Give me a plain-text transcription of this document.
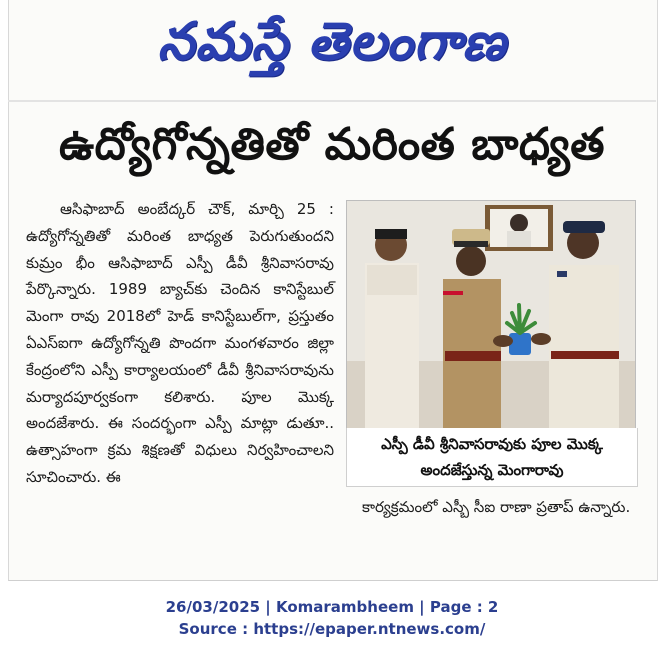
నమస్తే తెలంగాణ
ఉద్యోగోన్నతితో మరింత బాధ్యత

ఆసిఫాబాద్ అంబేద్కర్ చౌక్, మార్చి 25 : ఉద్యోగోన్నతితో మరింత బాధ్యత పెరుగుతుందని కుమ్రం భీం ఆసిఫాబాద్ ఎస్పీ డీవీ శ్రీనివాసరావు పేర్కొన్నారు. 1989 బ్యాచ్‌కు చెందిన కానిస్టేబుల్ మెంగా రావు 2018లో హెడ్ కానిస్టేబుల్‌గా, ప్రస్తుతం ఏఎస్ఐగా ఉద్యోగోన్నతి పొందగా మంగళవారం జిల్లా కేంద్రంలోని ఎస్పీ కార్యాలయంలో డీవీ శ్రీనివాసరావును మర్యాదపూర్వకంగా కలిశారు. పూల మొక్క అందజేశారు. ఈ సందర్భంగా ఎస్పీ మాట్లా డుతూ.. ఉత్సాహంగా క్రమ శిక్షణతో విధులు నిర్వహించాలని సూచించారు. ఈ

ఎస్పీ డీవీ శ్రీనివాసరావుకు పూల మొక్క
అందజేస్తున్న మెంగారావు
కార్యక్రమంలో ఎస్బీ సీఐ రాణా ప్రతాప్ ఉన్నారు.
26/03/2025 | Komarambheem | Page : 2
Source : https://epaper.ntnews.com/
